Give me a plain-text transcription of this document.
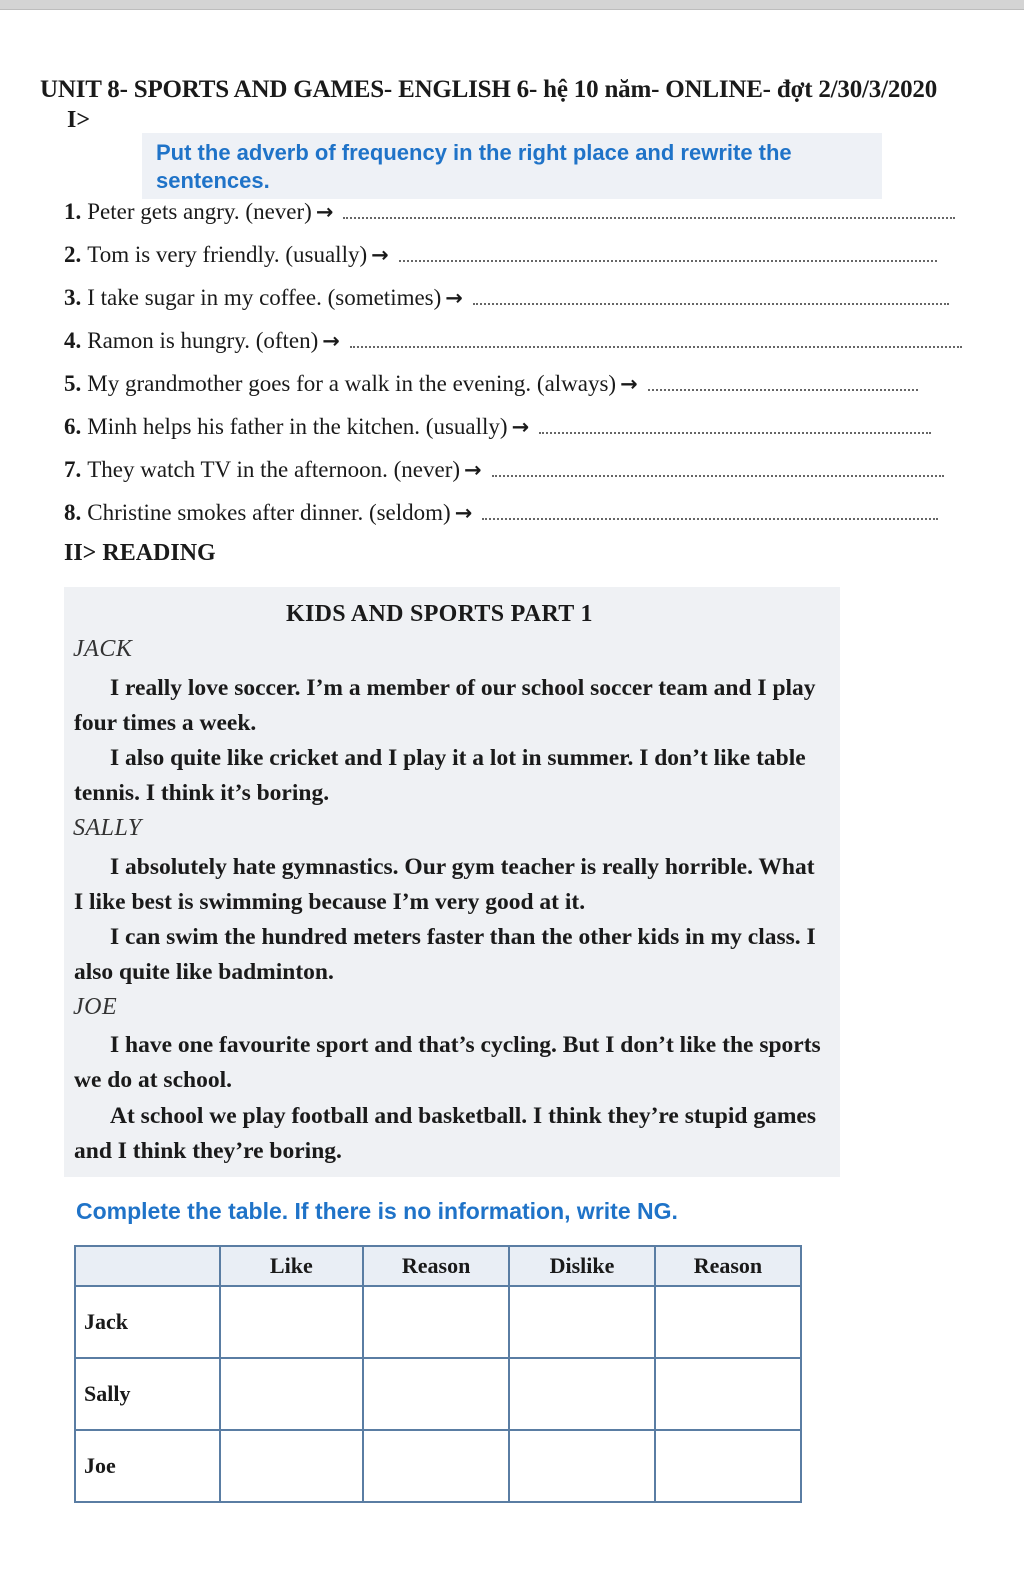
UNIT 8- SPORTS AND GAMES- ENGLISH 6- hệ 10 năm- ONLINE- đợt 2/30/3/2020
I>
Put the adverb of frequency in the right place and rewrite the sentences.
1. Peter gets angry. (never) →
2. Tom is very friendly. (usually) →
3. I take sugar in my coffee. (sometimes) →
4. Ramon is hungry. (often) →
5. My grandmother goes for a walk in the evening. (always) →
6. Minh helps his father in the kitchen. (usually) →
7. They watch TV in the afternoon. (never) →
8. Christine smokes after dinner. (seldom) →
II> READING
KIDS AND SPORTS PART 1
JACK
I really love soccer. I’m a member of our school soccer team and I play four times a week.
I also quite like cricket and I play it a lot in summer. I don’t like table tennis. I think it’s boring.
SALLY
I absolutely hate gymnastics. Our gym teacher is really horrible. What I like best is swimming because I’m very good at it.
I can swim the hundred meters faster than the other kids in my class. I also quite like badminton.
JOE
I have one favourite sport and that’s cycling. But I don’t like the sports we do at school.
At school we play football and basketball. I think they’re stupid games and I think they’re boring.
Complete the table. If there is no information, write NG.
	Like	Reason	Dislike	Reason
Jack				
Sally				
Joe				
